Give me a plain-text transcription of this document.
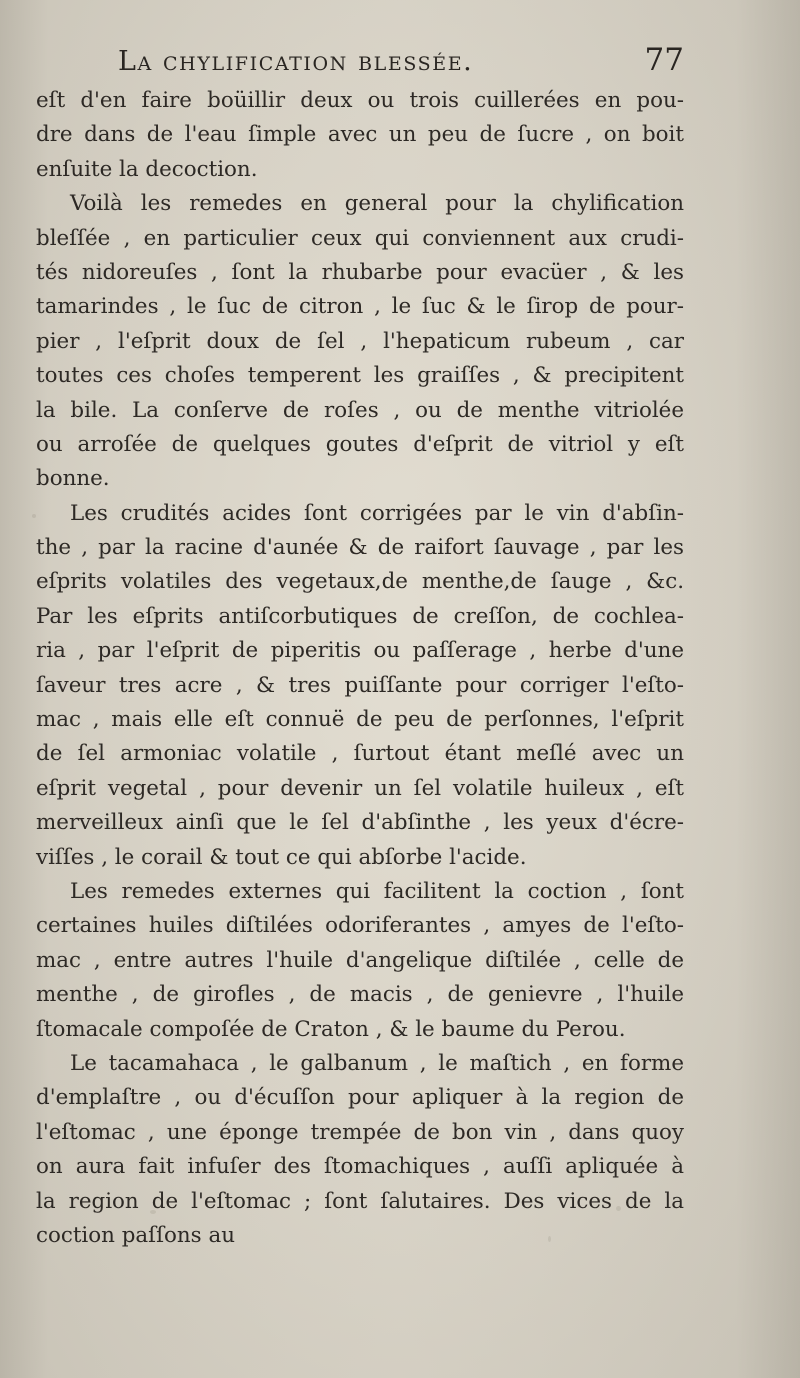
La chylification blessée.	77
eſt d'en faire boüillir deux ou trois cuillerées en pou-
dre dans de l'eau ſimple avec un peu de ſucre , on boit
enſuite la decoction.
Voilà les remedes en general pour la chylification
bleſſée , en particulier ceux qui conviennent aux crudi-
tés nidoreuſes , ſont la rhubarbe pour evacüer , & les
tamarindes , le ſuc de citron , le ſuc & le ſirop de pour-
pier , l'eſprit doux de ſel , l'hepaticum rubeum , car
toutes ces choſes temperent les graiſſes , & precipitent
la bile. La conſerve de roſes , ou de menthe vitriolée
ou arroſée de quelques goutes d'eſprit de vitriol y eſt
bonne.
Les crudités acides ſont corrigées par le vin d'abſin-
the , par la racine d'aunée & de raifort ſauvage , par les
eſprits volatiles des vegetaux,de menthe,de ſauge , &c.
Par les eſprits antiſcorbutiques de creſſon, de cochlea-
ria , par l'eſprit de piperitis ou paſſerage , herbe d'une
ſaveur tres acre , & tres puiſſante pour corriger l'eſto-
mac , mais elle eſt connuë de peu de perſonnes, l'eſprit
de ſel armoniac volatile , ſurtout étant meſlé avec un
eſprit vegetal , pour devenir un ſel volatile huileux , eſt
merveilleux ainſi que le ſel d'abſinthe , les yeux d'écre-
viſſes , le corail & tout ce qui abſorbe l'acide.
Les remedes externes qui facilitent la coction , ſont
certaines huiles diſtilées odoriferantes , amyes de l'eſto-
mac , entre autres l'huile d'angelique diſtilée , celle de
menthe , de girofles , de macis , de genievre , l'huile
ſtomacale compoſée de Craton , & le baume du Perou.
Le tacamahaca , le galbanum , le maſtich , en forme
d'emplaſtre , ou d'écuſſon pour apliquer à la region de
l'eſtomac , une éponge trempée de bon vin , dans quoy
on aura fait infuſer des ſtomachiques , auſſi apliquée à
la region de l'eſtomac ; ſont ſalutaires. Des vices de la
coction paſſons au
